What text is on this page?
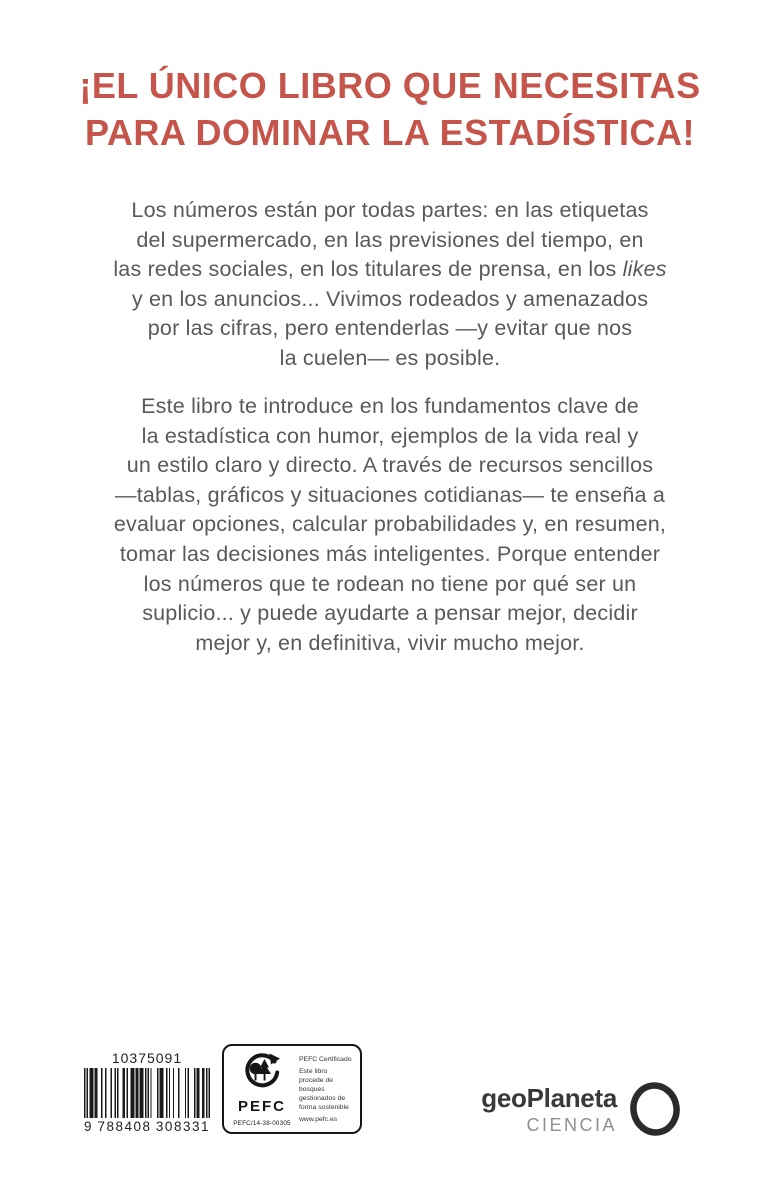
¡EL ÚNICO LIBRO QUE NECESITAS
PARA DOMINAR LA ESTADÍSTICA!
Los números están por todas partes: en las etiquetas
del supermercado, en las previsiones del tiempo, en
las redes sociales, en los titulares de prensa, en los likes
y en los anuncios... Vivimos rodeados y amenazados
por las cifras, pero entenderlas —y evitar que nos
la cuelen— es posible.
Este libro te introduce en los fundamentos clave de
la estadística con humor, ejemplos de la vida real y
un estilo claro y directo. A través de recursos sencillos
—tablas, gráficos y situaciones cotidianas— te enseña a
evaluar opciones, calcular probabilidades y, en resumen,
tomar las decisiones más inteligentes. Porque entender
los números que te rodean no tiene por qué ser un
suplicio... y puede ayudarte a pensar mejor, decidir
mejor y, en definitiva, vivir mucho mejor.
10375091
9 788408 308331
PEFC
PEFC/14-38-00305
PEFC Certificado
Este libro procede de bosques gestionados de forma sostenible
www.pefc.es
geoPlaneta
CIENCIA
